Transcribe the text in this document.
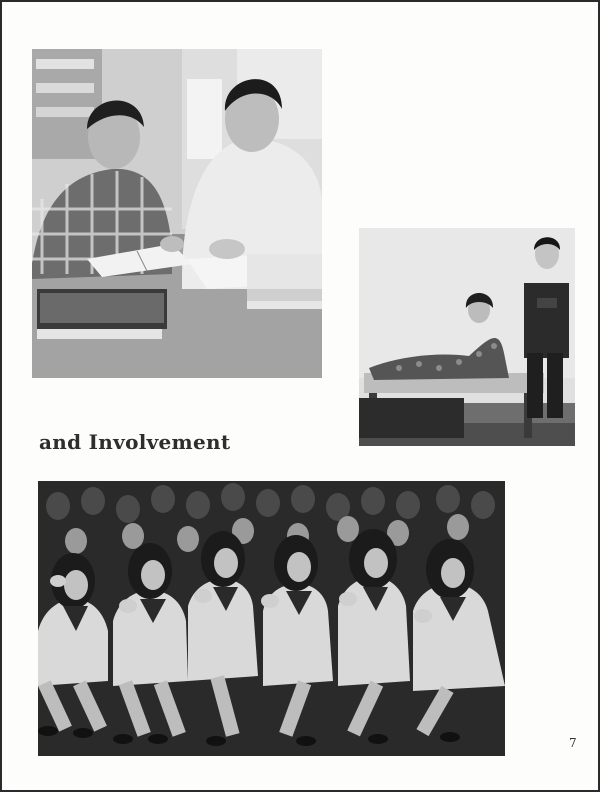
and Involvement
7
